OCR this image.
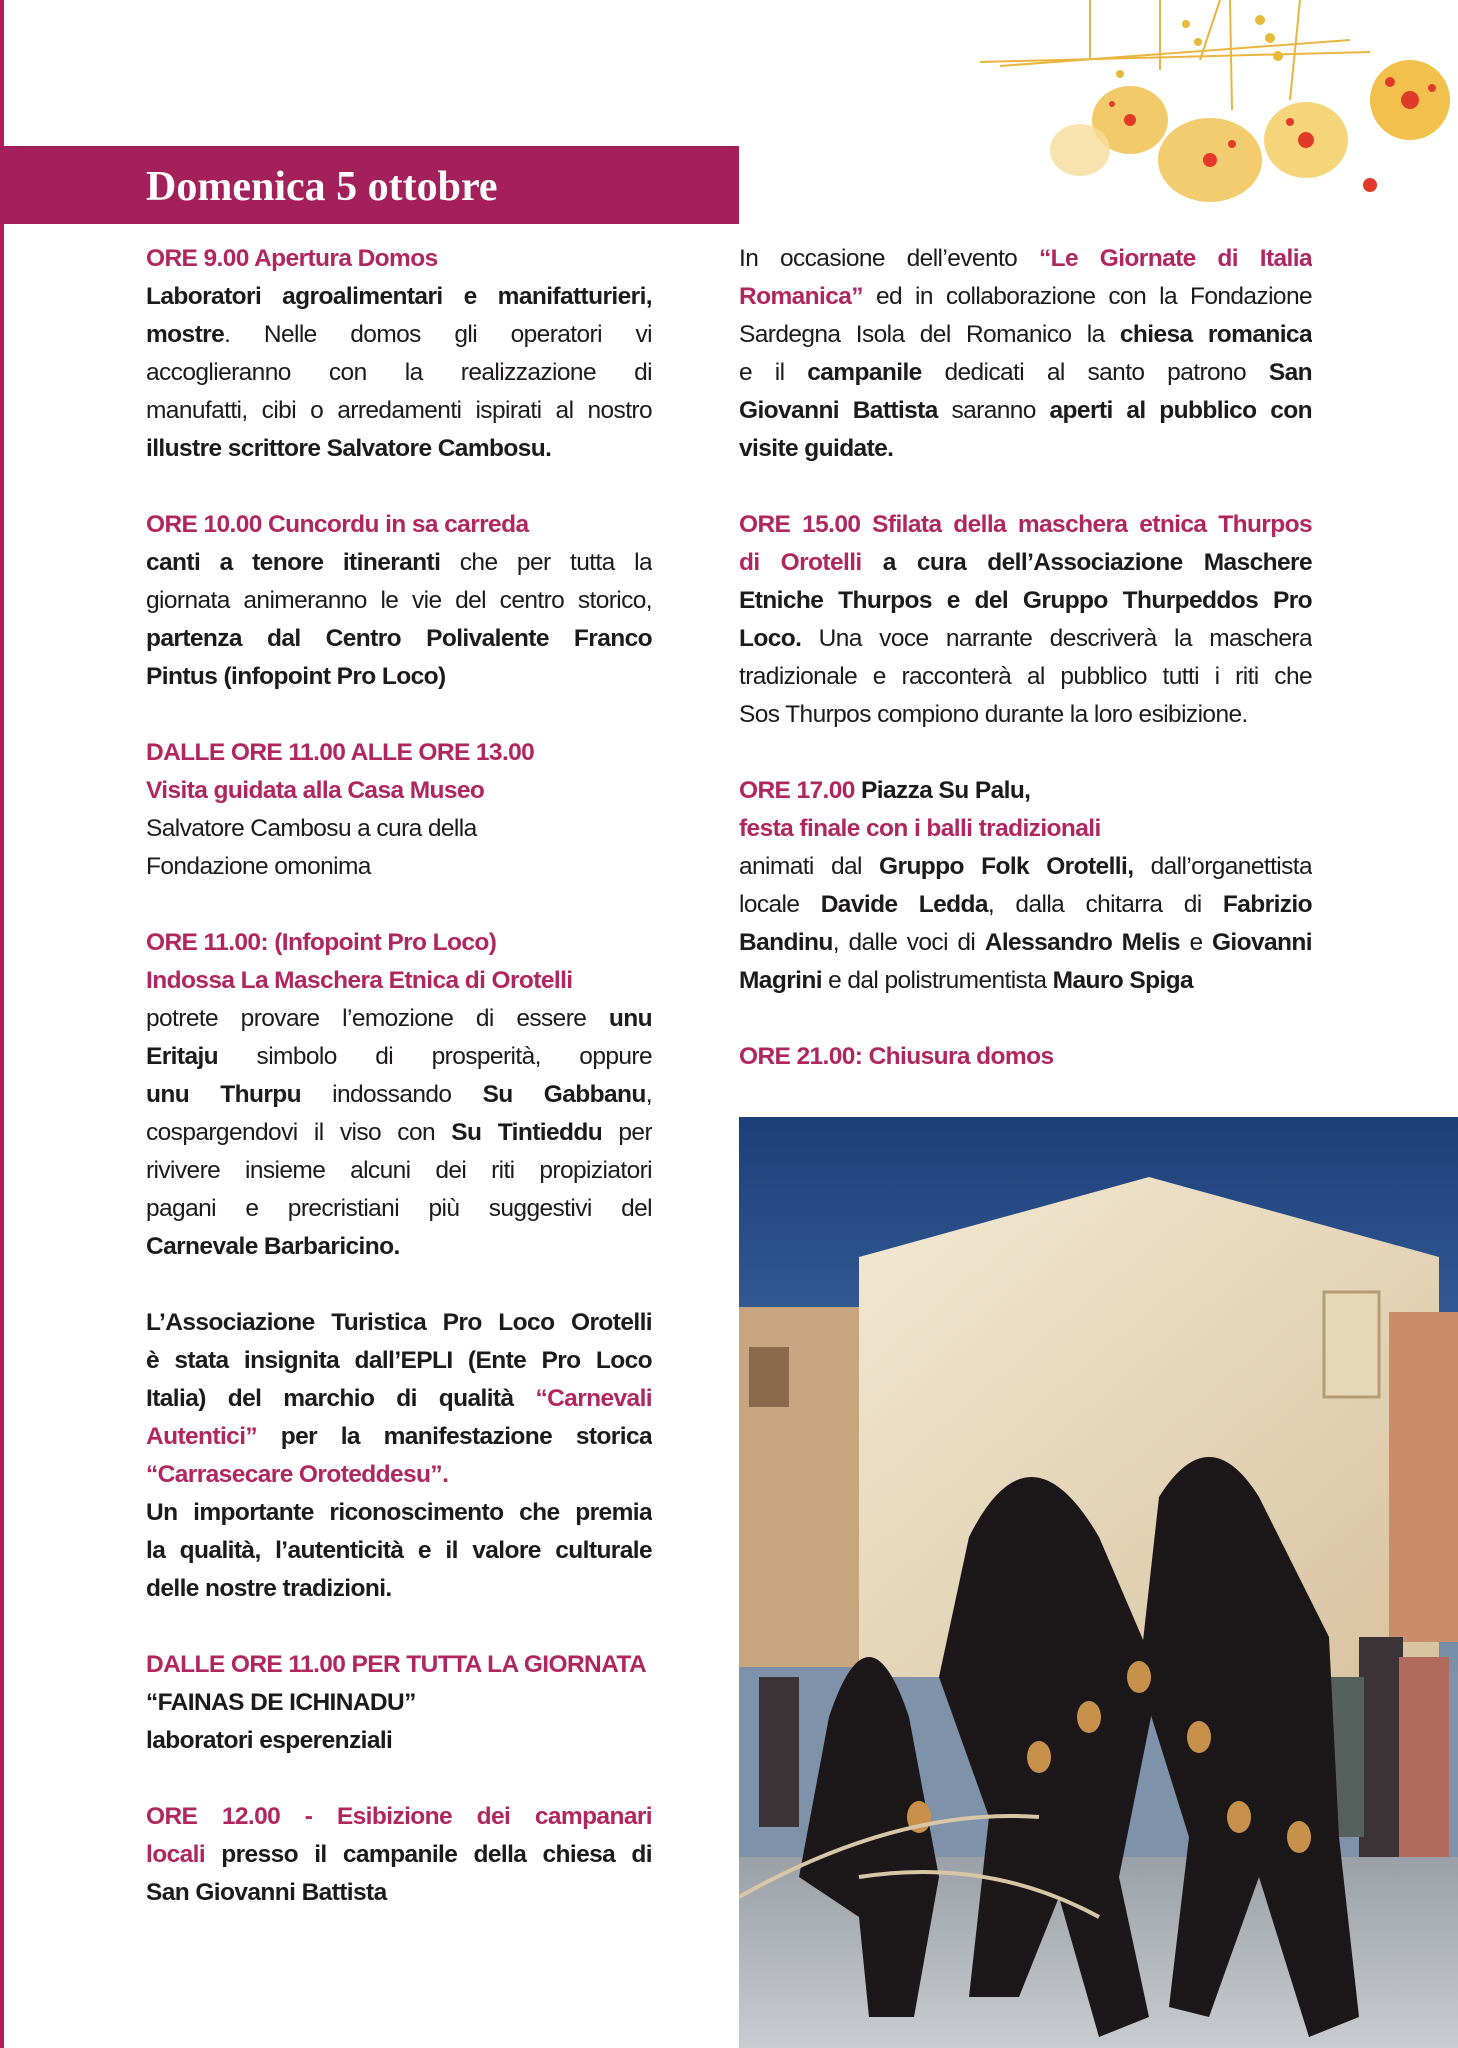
Domenica 5 ottobre
ORE 9.00 Apertura Domos
Laboratori agroalimentari e manifatturieri,
mostre. Nelle domos gli operatori vi
accoglieranno con la realizzazione di
manufatti, cibi o arredamenti ispirati al nostro
illustre scrittore Salvatore Cambosu.
ORE 10.00 Cuncordu in sa carreda
canti a tenore itineranti che per tutta la
giornata animeranno le vie del centro storico,
partenza dal Centro Polivalente Franco
Pintus (infopoint Pro Loco)
DALLE ORE 11.00 ALLE ORE 13.00
Visita guidata alla Casa Museo
Salvatore Cambosu a cura della
Fondazione omonima
ORE 11.00: (Infopoint Pro Loco)
Indossa La Maschera Etnica di Orotelli
potrete provare l’emozione di essere unu
Eritaju simbolo di prosperità, oppure
unu Thurpu indossando Su Gabbanu,
cospargendovi il viso con Su Tintieddu per
rivivere insieme alcuni dei riti propiziatori
pagani e precristiani più suggestivi del
Carnevale Barbaricino.
L’Associazione Turistica Pro Loco Orotelli
è stata insignita dall’EPLI (Ente Pro Loco
Italia) del marchio di qualità “Carnevali
Autentici” per la manifestazione storica
“Carrasecare Oroteddesu”.
Un importante riconoscimento che premia
la qualità, l’autenticità e il valore culturale
delle nostre tradizioni.
DALLE ORE 11.00 PER TUTTA LA GIORNATA
“FAINAS DE ICHINADU”
laboratori esperenziali
ORE 12.00 - Esibizione dei campanari
locali presso il campanile della chiesa di
San Giovanni Battista
In occasione dell’evento “Le Giornate di Italia
Romanica” ed in collaborazione con la Fondazione
Sardegna Isola del Romanico la chiesa romanica
e il campanile dedicati al santo patrono San
Giovanni Battista saranno aperti al pubblico con
visite guidate.
ORE 15.00 Sfilata della maschera etnica Thurpos
di Orotelli a cura dell’Associazione Maschere
Etniche Thurpos e del Gruppo Thurpeddos Pro
Loco. Una voce narrante descriverà la maschera
tradizionale e racconterà al pubblico tutti i riti che
Sos Thurpos compiono durante la loro esibizione.
ORE 17.00 Piazza Su Palu,
festa finale con i balli tradizionali
animati dal Gruppo Folk Orotelli, dall’organettista
locale Davide Ledda, dalla chitarra di Fabrizio
Bandinu, dalle voci di Alessandro Melis e Giovanni
Magrini e dal polistrumentista Mauro Spiga
ORE 21.00: Chiusura domos
